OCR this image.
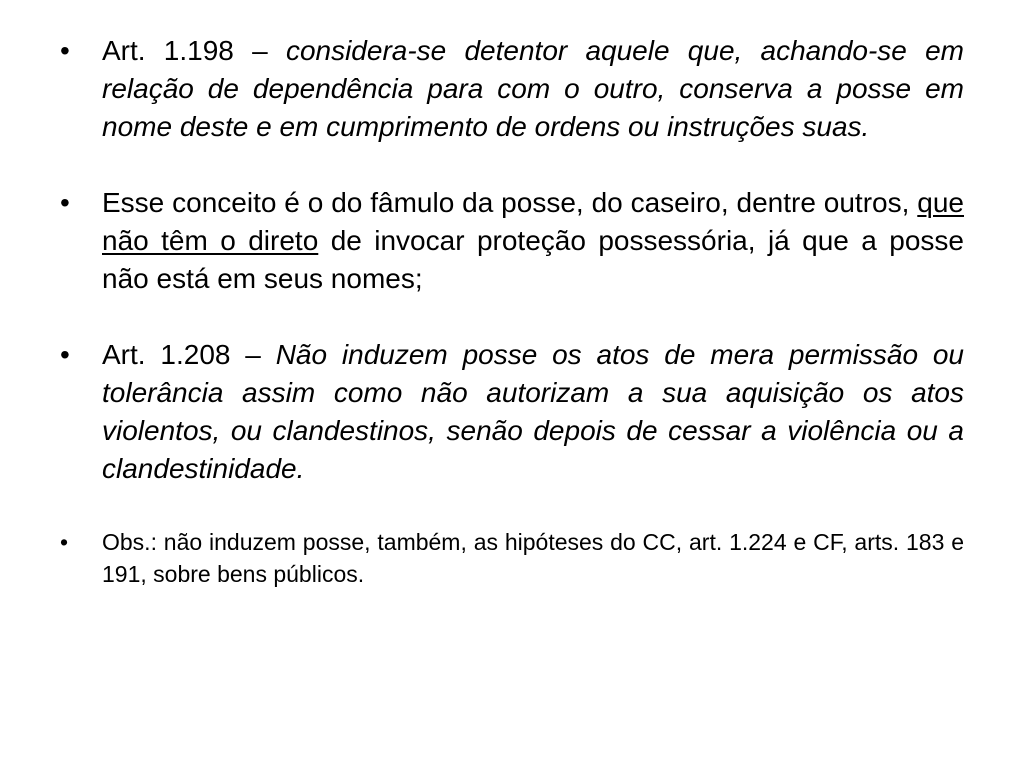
•	Art. 1.198 – considera-se detentor aquele que, achando-se em relação de dependência para com o outro, conserva a posse em nome deste e em cumprimento de ordens ou instruções suas.
•	Esse conceito é o do fâmulo da posse, do caseiro, dentre outros, que não têm o direto de invocar proteção possessória, já que a posse não está em seus nomes;
•	Art. 1.208 – Não induzem posse os atos de mera permissão ou tolerância assim como não autorizam a sua aquisição os atos violentos, ou clandestinos, senão depois de cessar a violência ou a clandestinidade.
•	Obs.: não induzem posse, também, as hipóteses do CC, art. 1.224 e CF, arts. 183 e 191, sobre bens públicos.
